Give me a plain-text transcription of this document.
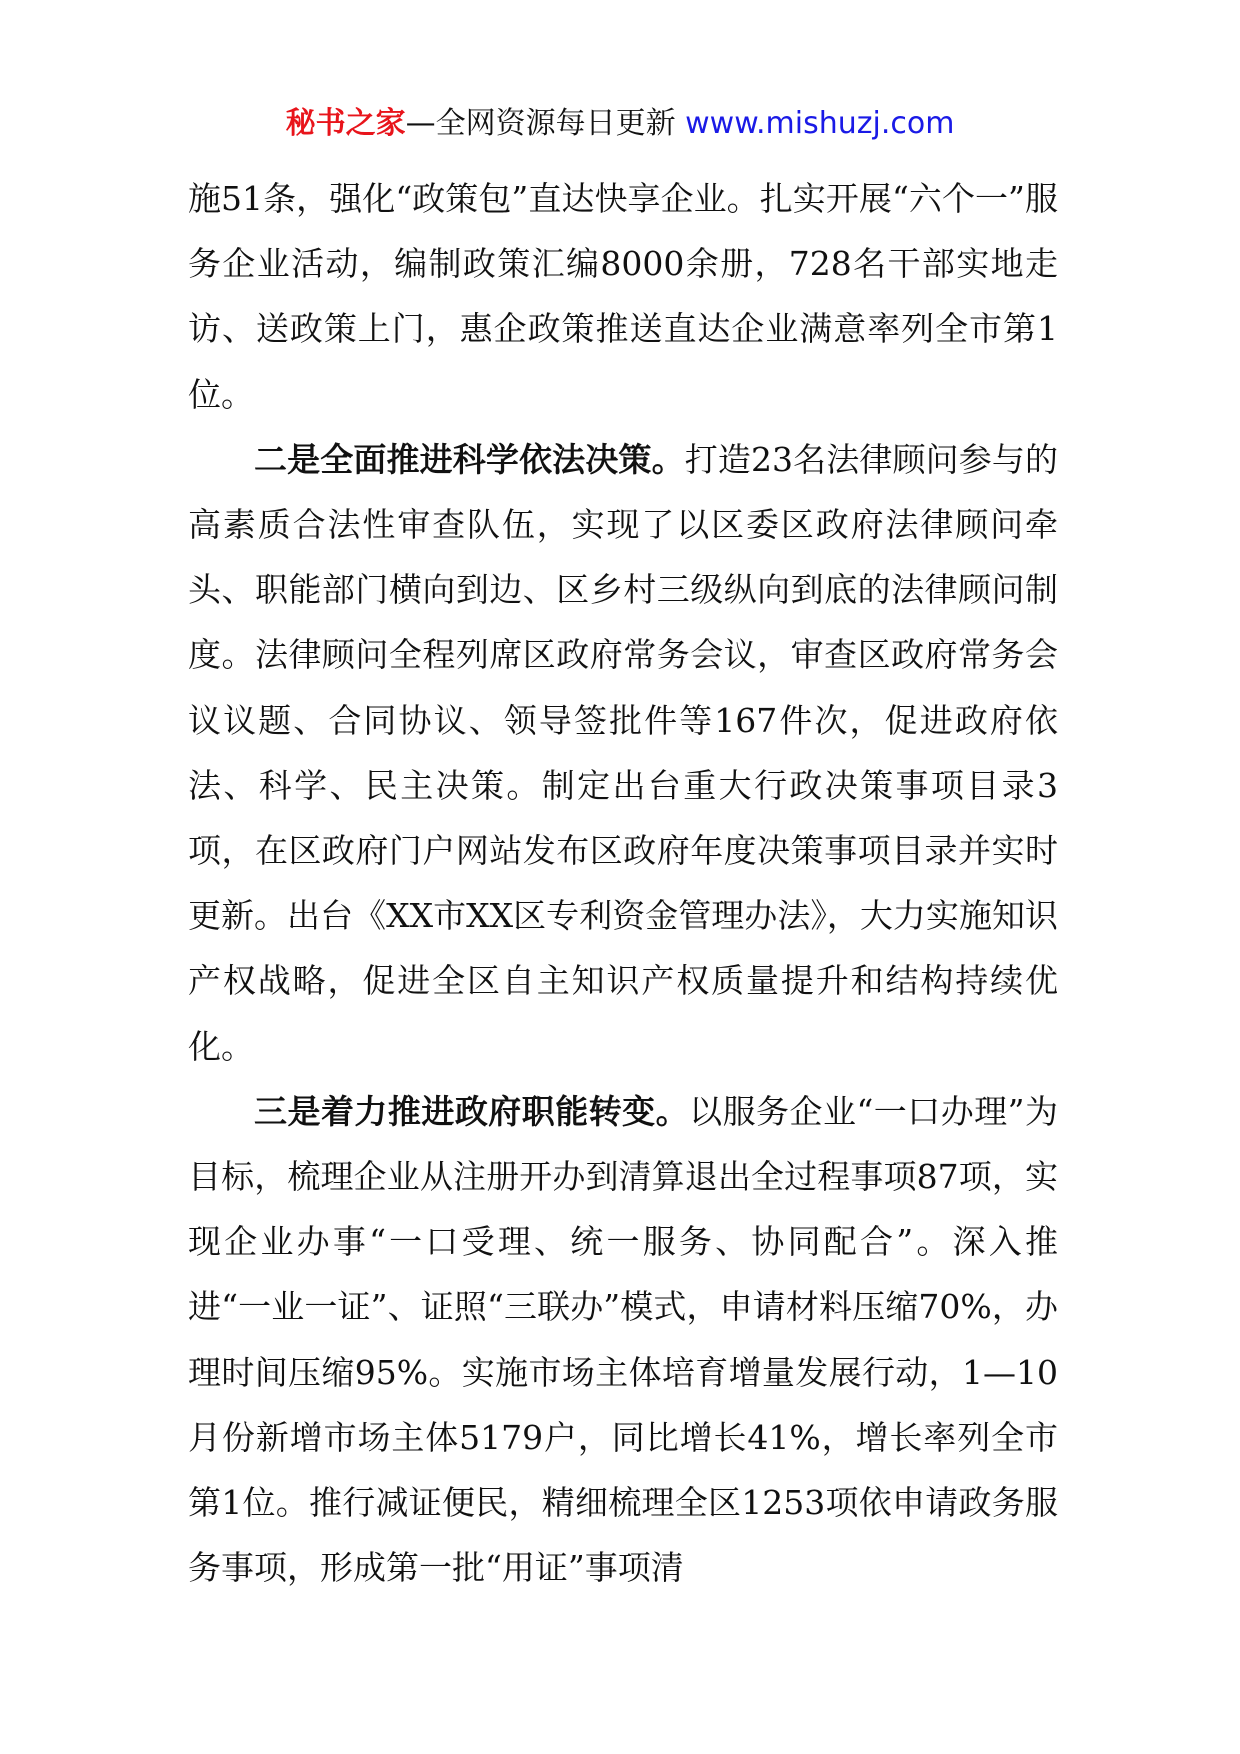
秘书之家—全网资源每日更新 www.mishuzj.com

施51条，强化“政策包”直达快享企业。扎实开展“六个一”服务企业活动，编制政策汇编8000余册，728名干部实地走访、送政策上门，惠企政策推送直达企业满意率列全市第1位。

二是全面推进科学依法决策。打造23名法律顾问参与的高素质合法性审查队伍，实现了以区委区政府法律顾问牵头、职能部门横向到边、区乡村三级纵向到底的法律顾问制度。法律顾问全程列席区政府常务会议，审查区政府常务会议议题、合同协议、领导签批件等167件次，促进政府依法、科学、民主决策。制定出台重大行政决策事项目录3项，在区政府门户网站发布区政府年度决策事项目录并实时更新。出台《XX市XX区专利资金管理办法》，大力实施知识产权战略，促进全区自主知识产权质量提升和结构持续优化。

三是着力推进政府职能转变。以服务企业“一口办理”为目标，梳理企业从注册开办到清算退出全过程事项87项，实现企业办事“一口受理、统一服务、协同配合”。深入推进“一业一证”、证照“三联办”模式，申请材料压缩70%，办理时间压缩95%。实施市场主体培育增量发展行动，1—10月份新增市场主体5179户，同比增长41%，增长率列全市第1位。推行减证便民，精细梳理全区1253项依申请政务服务事项，形成第一批“用证”事项清
